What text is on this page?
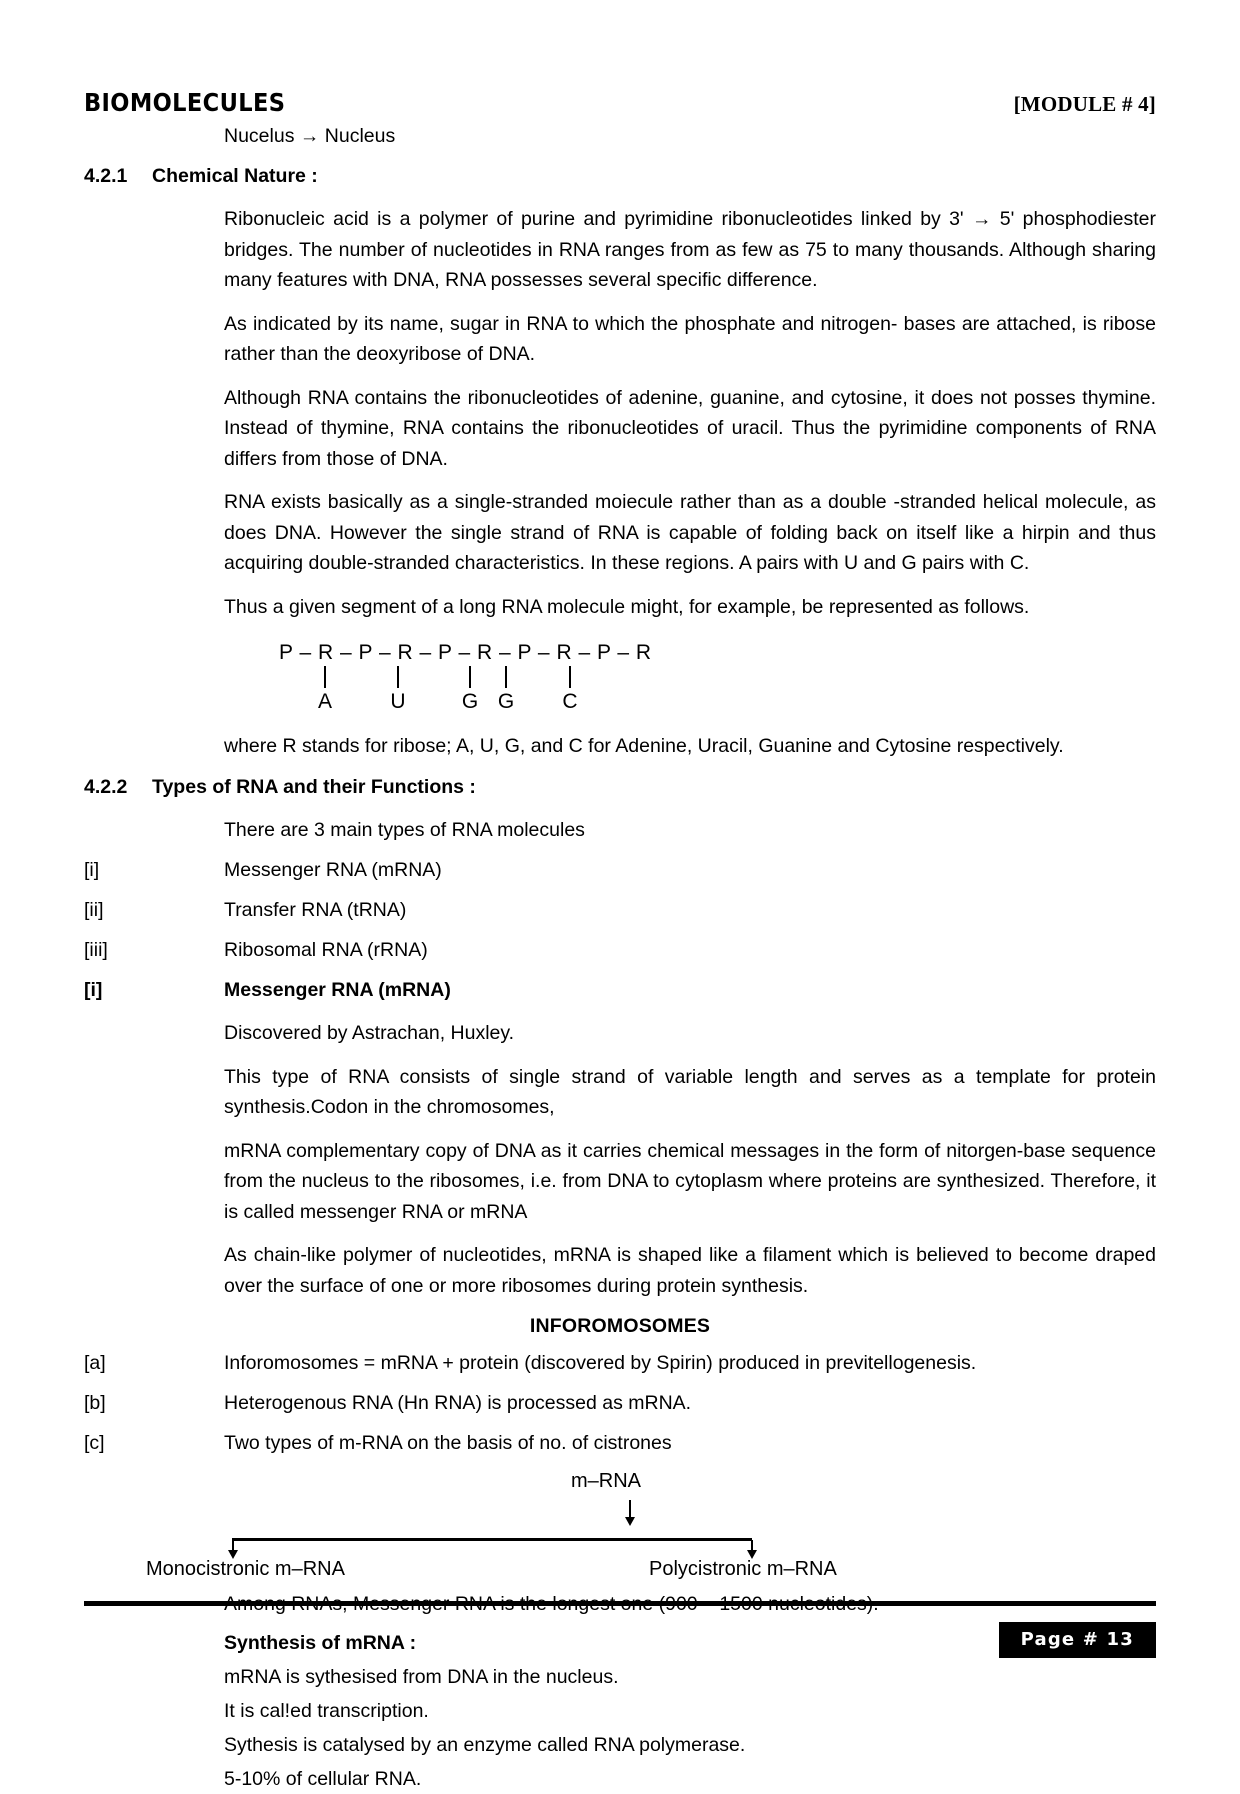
BIOMOLECULES	[MODULE # 4]
Nucelus → Nucleus
4.2.1	Chemical Nature :

Ribonucleic acid is a polymer of purine and pyrimidine ribonucleotides linked by 3' → 5' phosphodiester bridges. The number of nucleotides in RNA ranges from as few as 75 to many thousands. Although sharing many features with DNA, RNA possesses several specific difference.

As indicated by its name, sugar in RNA to which the phosphate and nitrogen- bases are attached, is ribose rather than the deoxyribose of DNA.

Although RNA contains the ribonucleotides of adenine, guanine, and cytosine, it does not posses thymine. Instead of thymine, RNA contains the ribonucleotides of uracil. Thus the pyrimidine components of RNA differs from those of DNA.

RNA exists basically as a single-stranded moiecule rather than as a double -stranded helical molecule, as does DNA. However the single strand of RNA is capable of folding back on itself like a hirpin and thus acquiring double-stranded characteristics. In these regions. A pairs with U and G pairs with C.

Thus a given segment of a long RNA molecule might, for example, be represented as follows.

P – R – P – R – P – R – P – R – P – R
A	U	G G C

where R stands for ribose; A, U, G, and C for Adenine, Uracil, Guanine and Cytosine respectively.

4.2.2	Types of RNA and their Functions :

There are 3 main types of RNA molecules

[i]	Messenger RNA (mRNA)
[ii]	Transfer RNA (tRNA)
[iii]	Ribosomal RNA (rRNA)
[i]	Messenger RNA (mRNA)

Discovered by Astrachan, Huxley.

This type of RNA consists of single strand of variable length and serves as a template for protein synthesis.Codon in the chromosomes,

mRNA complementary copy of DNA as it carries chemical messages in the form of nitorgen-base sequence from the nucleus to the ribosomes, i.e. from DNA to cytoplasm where proteins are synthesized. Therefore, it is called messenger RNA or mRNA

As chain-like polymer of nucleotides, mRNA is shaped like a filament which is believed to become draped over the surface of one or more ribosomes during protein synthesis.

INFOROMOSOMES
[a]	Inforomosomes = mRNA + protein (discovered by Spirin) produced in previtellogenesis.
[b]	Heterogenous RNA (Hn RNA) is processed as mRNA.
[c]	Two types of m-RNA on the basis of no. of cistrones
m–RNA
Monocistronic m–RNA	Polycistronic m–RNA
Synthesis of mRNA :
mRNA is sythesised from DNA in the nucleus.
It is cal!ed transcription.
Sythesis is catalysed by an enzyme called RNA polymerase.
5-10% of cellular RNA.
Page # 13
